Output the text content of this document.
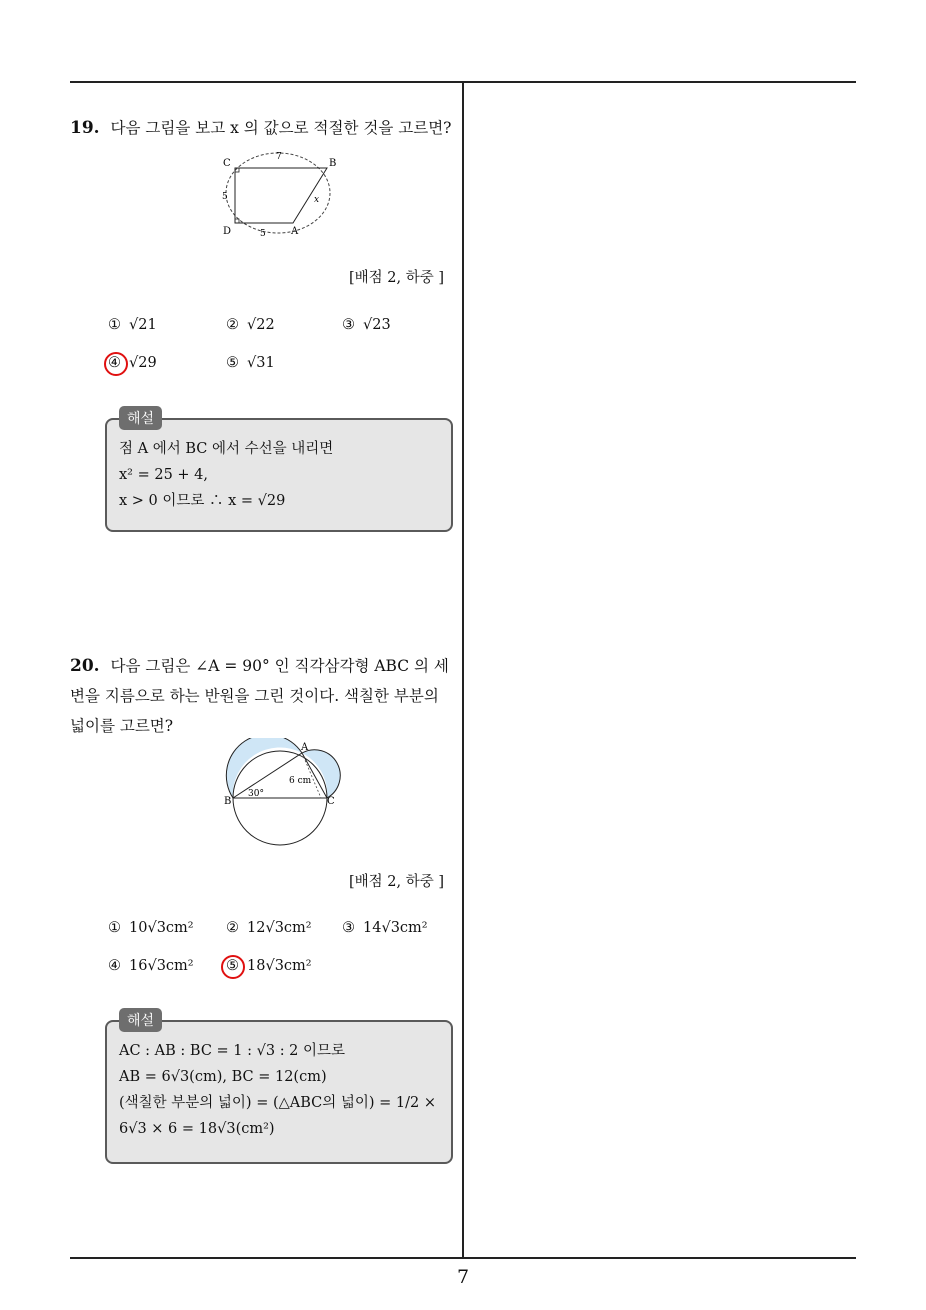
19. 다음 그림을 보고 x 의 값으로 적절한 것을 고르면?
C	B
D	A
7
5
5
x
[배점 2, 하중 ]
① √21	② √22	③ √23
④ √29	⑤ √31
점 A 에서 BC 에서 수선을 내리면
x² = 25 + 4,
x > 0 이므로 ∴ x = √29
해설
20. 다음 그림은 ∠A = 90° 인 직각삼각형 ABC 의 세 변을 지름으로 하는 반원을 그린 것이다. 색칠한 부분의 넓이를 고르면?
A
B	C
6 cm
30°
[배점 2, 하중 ]
① 10√3cm² ② 12√3cm² ③ 14√3cm²
④ 16√3cm² ⑤ 18√3cm²
AC : AB : BC = 1 : √3 : 2 이므로
AB = 6√3(cm), BC = 12(cm)
(색칠한 부분의 넓이) = (△ABC의 넓이) = 1/2 ×
6√3 × 6 = 18√3(cm²)
해설
7
